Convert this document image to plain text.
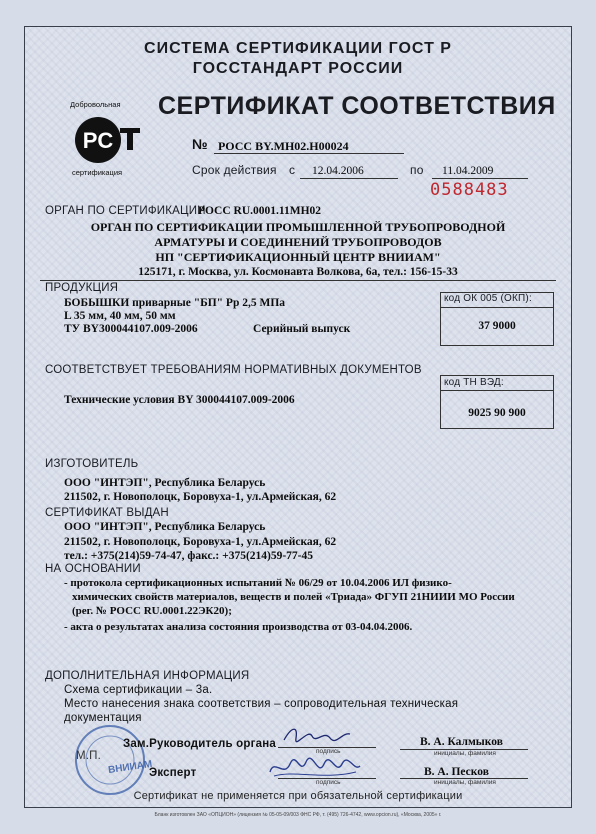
СИСТЕМА СЕРТИФИКАЦИИ ГОСТ Р
ГОССТАНДАРТ РОССИИ
PC
Добровольная
сертификация
СЕРТИФИКАТ СООТВЕТСТВИЯ
№ РОСС BY.МН02.Н00024
Срок действия с 12.04.2006	по 11.04.2009
0588483
ОРГАН ПО СЕРТИФИКАЦИИ
РОСС RU.0001.11МН02
ОРГАН ПО СЕРТИФИКАЦИИ ПРОМЫШЛЕННОЙ ТРУБОПРОВОДНОЙ
АРМАТУРЫ И СОЕДИНЕНИЙ ТРУБОПРОВОДОВ
НП "СЕРТИФИКАЦИОННЫЙ ЦЕНТР ВНИИАМ"
125171, г. Москва, ул. Космонавта Волкова, 6а, тел.: 156-15-33
ПРОДУКЦИЯ
БОБЫШКИ приварные "БП" Рр 2,5 МПа
L 35 мм, 40 мм, 50 мм
ТУ BY300044107.009-2006	Серийный выпуск
код ОК 005 (ОКП):
37 9000
СООТВЕТСТВУЕТ ТРЕБОВАНИЯМ НОРМАТИВНЫХ ДОКУМЕНТОВ
Технические условия BY 300044107.009-2006
код ТН ВЭД:
9025 90 900
ИЗГОТОВИТЕЛЬ
ООО "ИНТЭП", Республика Беларусь
211502, г. Новополоцк, Боровуха-1, ул.Армейская, 62
СЕРТИФИКАТ ВЫДАН
ООО "ИНТЭП", Республика Беларусь
211502, г. Новополоцк, Боровуха-1, ул.Армейская, 62
тел.: +375(214)59-74-47, факс.: +375(214)59-77-45
НА ОСНОВАНИИ
- протокола сертификационных испытаний № 06/29 от 10.04.2006 ИЛ физико-
химических свойств материалов, веществ и полей «Триада» ФГУП 21НИИИ МО России
(рег. № РОСС RU.0001.22ЭК20);
- акта о результатах анализа состояния производства от 03-04.04.2006.
ДОПОЛНИТЕЛЬНАЯ ИНФОРМАЦИЯ
Схема сертификации – 3а.
Место нанесения знака соответствия – сопроводительная техническая
документация
ВНИИАМ
М.П.
Зам.Руководитель органа
подпись
В. А. Калмыков
инициалы, фамилия
Эксперт
подпись
В. А. Песков
инициалы, фамилия
Сертификат не применяется при обязательной сертификации
Бланк изготовлен ЗАО «ОПЦИОН» (лицензия № 05-05-09/003 ФНС РФ, т. (495) 726-4742, www.opcion.ru), «Москва, 2005» г.
